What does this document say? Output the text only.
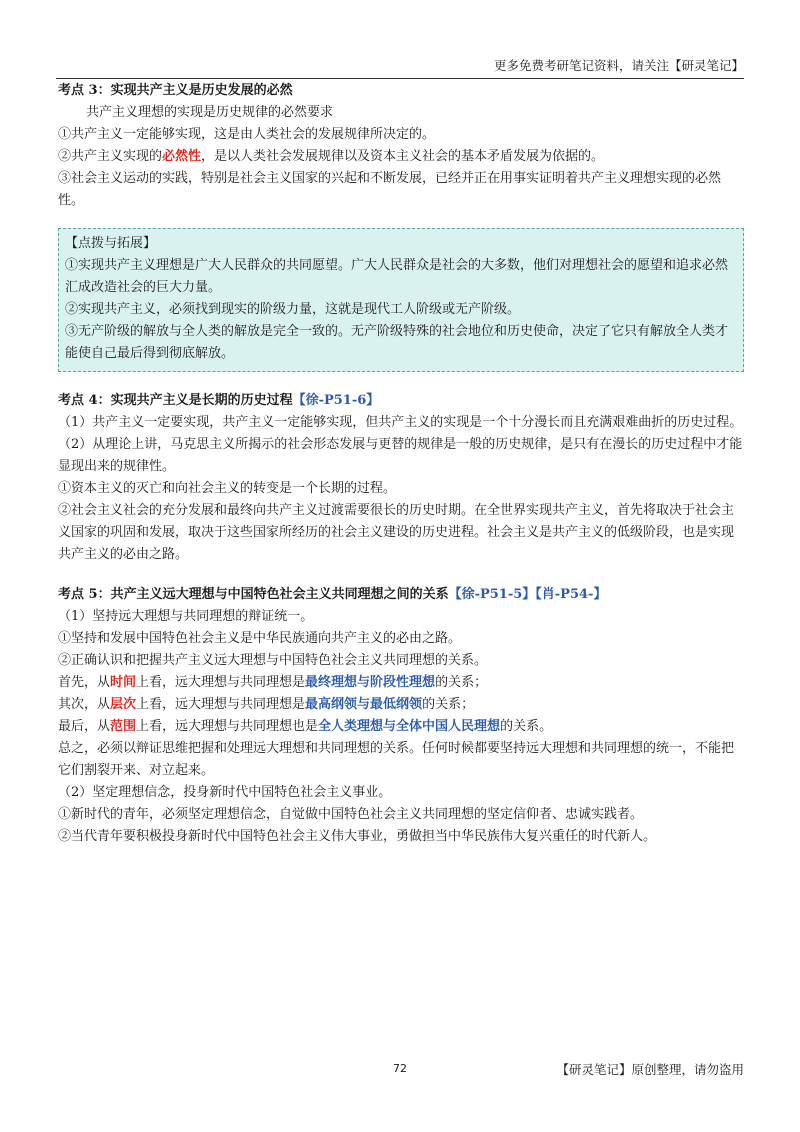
更多免费考研笔记资料，请关注【研灵笔记】
考点 3：实现共产主义是历史发展的必然
共产主义理想的实现是历史规律的必然要求
①共产主义一定能够实现，这是由人类社会的发展规律所决定的。
②共产主义实现的必然性，是以人类社会发展规律以及资本主义社会的基本矛盾发展为依据的。
③社会主义运动的实践，特别是社会主义国家的兴起和不断发展，已经并正在用事实证明着共产主义理想实现的必然性。
【点拨与拓展】
①实现共产主义理想是广大人民群众的共同愿望。广大人民群众是社会的大多数，他们对理想社会的愿望和追求必然汇成改造社会的巨大力量。
②实现共产主义，必须找到现实的阶级力量，这就是现代工人阶级或无产阶级。
③无产阶级的解放与全人类的解放是完全一致的。无产阶级特殊的社会地位和历史使命，决定了它只有解放全人类才能使自己最后得到彻底解放。
考点 4：实现共产主义是长期的历史过程【徐-P51-6】
（1）共产主义一定要实现，共产主义一定能够实现，但共产主义的实现是一个十分漫长而且充满艰难曲折的历史过程。
（2）从理论上讲，马克思主义所揭示的社会形态发展与更替的规律是一般的历史规律，是只有在漫长的历史过程中才能显现出来的规律性。
①资本主义的灭亡和向社会主义的转变是一个长期的过程。
②社会主义社会的充分发展和最终向共产主义过渡需要很长的历史时期。在全世界实现共产主义，首先将取决于社会主义国家的巩固和发展，取决于这些国家所经历的社会主义建设的历史进程。社会主义是共产主义的低级阶段，也是实现共产主义的必由之路。
考点 5：共产主义远大理想与中国特色社会主义共同理想之间的关系【徐-P51-5】【肖-P54-】
（1）坚持远大理想与共同理想的辩证统一。
①坚持和发展中国特色社会主义是中华民族通向共产主义的必由之路。
②正确认识和把握共产主义远大理想与中国特色社会主义共同理想的关系。
首先，从时间上看，远大理想与共同理想是最终理想与阶段性理想的关系；
其次，从层次上看，远大理想与共同理想是最高纲领与最低纲领的关系；
最后，从范围上看，远大理想与共同理想也是全人类理想与全体中国人民理想的关系。
总之，必须以辩证思维把握和处理远大理想和共同理想的关系。任何时候都要坚持远大理想和共同理想的统一，不能把它们割裂开来、对立起来。
（2）坚定理想信念，投身新时代中国特色社会主义事业。
①新时代的青年，必须坚定理想信念，自觉做中国特色社会主义共同理想的坚定信仰者、忠诚实践者。
②当代青年要积极投身新时代中国特色社会主义伟大事业，勇做担当中华民族伟大复兴重任的时代新人。
72	【研灵笔记】原创整理，请勿盗用
